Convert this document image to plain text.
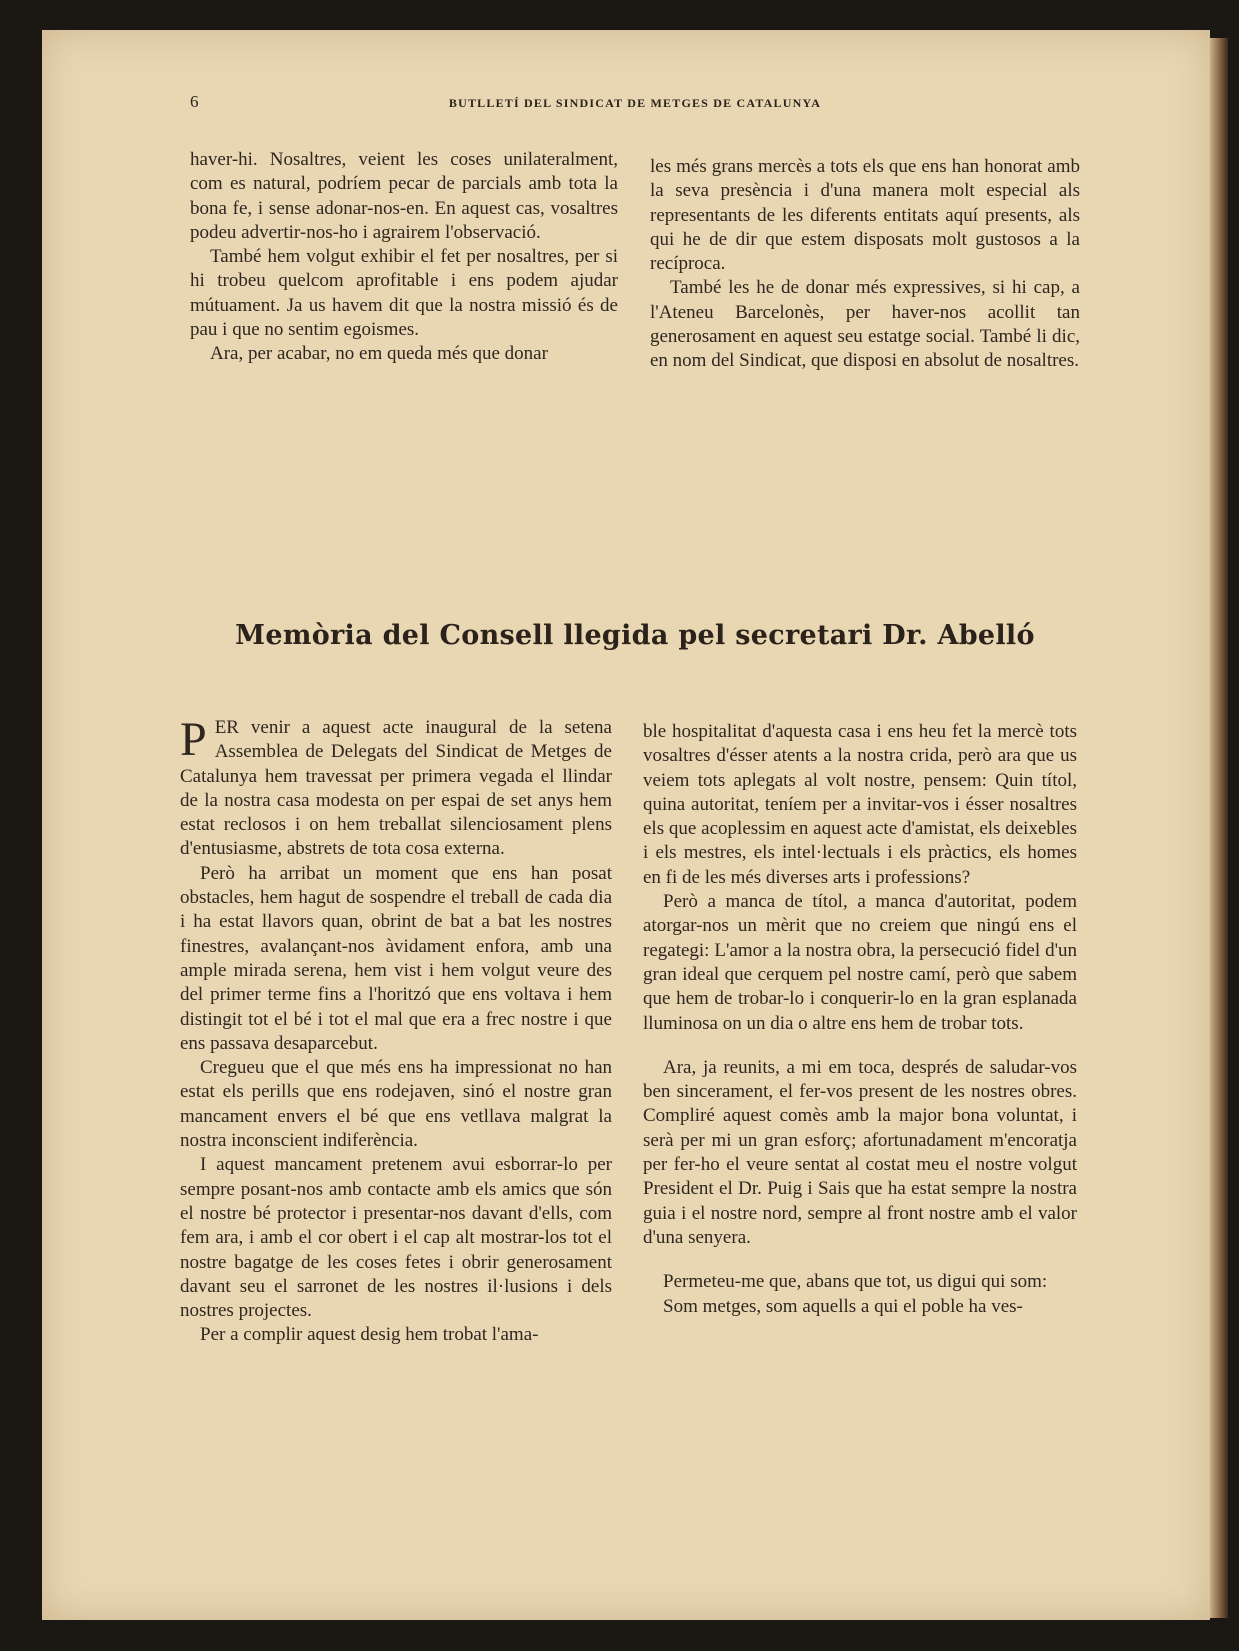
6	BUTLLETÍ DEL SINDICAT DE METGES DE CATALUNYA

haver-hi. Nosaltres, veient les coses unilateralment, com es natural, podríem pecar de parcials amb tota la bona fe, i sense adonar-nos-en. En aquest cas, vosaltres podeu advertir-nos-ho i agrairem l'observació.

També hem volgut exhibir el fet per nosaltres, per si hi trobeu quelcom aprofitable i ens podem ajudar mútuament. Ja us havem dit que la nostra missió és de pau i que no sentim egoismes.

Ara, per acabar, no em queda més que donar

les més grans mercès a tots els que ens han honorat amb la seva presència i d'una manera molt especial als representants de les diferents entitats aquí presents, als qui he de dir que estem disposats molt gustosos a la recíproca.

També les he de donar més expressives, si hi cap, a l'Ateneu Barcelonès, per haver-nos acollit tan generosament en aquest seu estatge social. També li dic, en nom del Sindicat, que disposi en absolut de nosaltres.

Memòria del Consell llegida pel secretari Dr. Abelló

PER venir a aquest acte inaugural de la setena Assemblea de Delegats del Sindicat de Metges de Catalunya hem travessat per primera vegada el llindar de la nostra casa modesta on per espai de set anys hem estat reclosos i on hem treballat silenciosament plens d'entusiasme, abstrets de tota cosa externa.

Però ha arribat un moment que ens han posat obstacles, hem hagut de sospendre el treball de cada dia i ha estat llavors quan, obrint de bat a bat les nostres finestres, avalançant-nos àvidament enfora, amb una ample mirada serena, hem vist i hem volgut veure des del primer terme fins a l'horitzó que ens voltava i hem distingit tot el bé i tot el mal que era a frec nostre i que ens passava desaparcebut.

Cregueu que el que més ens ha impressionat no han estat els perills que ens rodejaven, sinó el nostre gran mancament envers el bé que ens vetllava malgrat la nostra inconscient indiferència.

I aquest mancament pretenem avui esborrar-lo per sempre posant-nos amb contacte amb els amics que són el nostre bé protector i presentar-nos davant d'ells, com fem ara, i amb el cor obert i el cap alt mostrar-los tot el nostre bagatge de les coses fetes i obrir generosament davant seu el sarronet de les nostres il·lusions i dels nostres projectes.

Per a complir aquest desig hem trobat l'ama-

ble hospitalitat d'aquesta casa i ens heu fet la mercè tots vosaltres d'ésser atents a la nostra crida, però ara que us veiem tots aplegats al volt nostre, pensem: Quin títol, quina autoritat, teníem per a invitar-vos i ésser nosaltres els que acoplessim en aquest acte d'amistat, els deixebles i els mestres, els intel·lectuals i els pràctics, els homes en fi de les més diverses arts i professions?

Però a manca de títol, a manca d'autoritat, podem atorgar-nos un mèrit que no creiem que ningú ens el regategi: L'amor a la nostra obra, la persecució fidel d'un gran ideal que cerquem pel nostre camí, però que sabem que hem de trobar-lo i conquerir-lo en la gran esplanada lluminosa on un dia o altre ens hem de trobar tots.

Ara, ja reunits, a mi em toca, després de saludar-vos ben sincerament, el fer-vos present de les nostres obres. Compliré aquest comès amb la major bona voluntat, i serà per mi un gran esforç; afortunadament m'encoratja per fer-ho el veure sentat al costat meu el nostre volgut President el Dr. Puig i Sais que ha estat sempre la nostra guia i el nostre nord, sempre al front nostre amb el valor d'una senyera.

Permeteu-me que, abans que tot, us digui qui som:

Som metges, som aquells a qui el poble ha ves-
